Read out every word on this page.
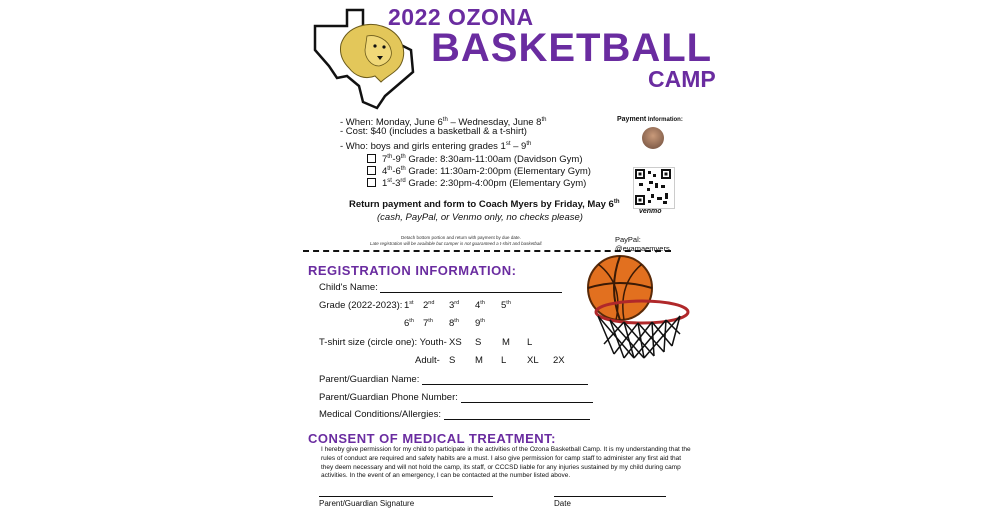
2022 OZONA
BASKETBALL
CAMP
- When: Monday, June 6th – Wednesday, June 8th
- Cost: $40 (includes a basketball & a t-shirt)
- Who: boys and girls entering grades 1st – 9th
7th-9th Grade: 8:30am-11:00am (Davidson Gym)
4th-6th Grade: 11:30am-2:00pm (Elementary Gym)
1st-3rd Grade: 2:30pm-4:00pm (Elementary Gym)
Payment Information:
venmo
PayPal: @evamaemyers
Return payment and form to Coach Myers by Friday, May 6th
(cash, PayPal, or Venmo only, no checks please)
Detach bottom portion and return with payment by due date.
Late registration will be available but camper is not guaranteed a t-shirt and basketball.
REGISTRATION INFORMATION:
Child's Name:
Grade (2022-2023): 1st 2nd 3rd 4th 5th
6th 7th 8th 9th
T-shirt size (circle one): Youth- XS S M L
Adult- S M L XL 2X
Parent/Guardian Name:
Parent/Guardian Phone Number:
Medical Conditions/Allergies:
CONSENT OF MEDICAL TREATMENT:
I hereby give permission for my child to participate in the activities of the Ozona Basketball Camp. It is my understanding that the rules of conduct are required and safety habits are a must. I also give permission for camp staff to administer any first aid that they deem necessary and will not hold the camp, its staff, or CCCSD liable for any injuries sustained by my child during camp activities. In the event of an emergency, I can be contacted at the number listed above.
Parent/Guardian Signature	Date
